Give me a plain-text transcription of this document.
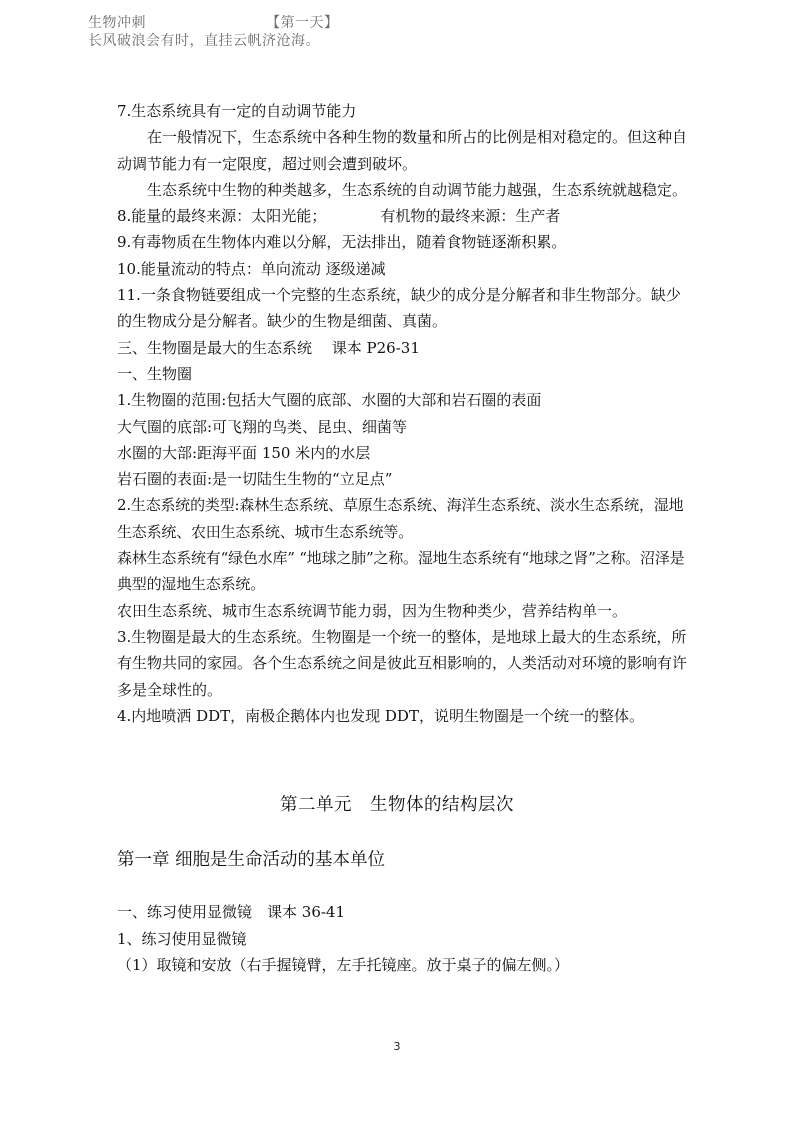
生物冲刺	【第一天】
长风破浪会有时，直挂云帆济沧海。

7.生态系统具有一定的自动调节能力

在一般情况下，生态系统中各种生物的数量和所占的比例是相对稳定的。但这种自动调节能力有一定限度，超过则会遭到破坏。

生态系统中生物的种类越多，生态系统的自动调节能力越强，生态系统就越稳定。

8.能量的最终来源：太阳光能；	有机物的最终来源：生产者

9.有毒物质在生物体内难以分解，无法排出，随着食物链逐渐积累。

10.能量流动的特点：单向流动 逐级递减

11.一条食物链要组成一个完整的生态系统，缺少的成分是分解者和非生物部分。缺少的生物成分是分解者。缺少的生物是细菌、真菌。

三、生物圈是最大的生态系统　 课本 P26-31

一、生物圈

1.生物圈的范围:包括大气圈的底部、水圈的大部和岩石圈的表面

大气圈的底部:可飞翔的鸟类、昆虫、细菌等

水圈的大部:距海平面 150 米内的水层

岩石圈的表面:是一切陆生生物的“立足点”

2.生态系统的类型:森林生态系统、草原生态系统、海洋生态系统、淡水生态系统，湿地生态系统、农田生态系统、城市生态系统等。

森林生态系统有“绿色水库” “地球之肺”之称。湿地生态系统有“地球之肾”之称。沼泽是典型的湿地生态系统。

农田生态系统、城市生态系统调节能力弱，因为生物种类少，营养结构单一。

3.生物圈是最大的生态系统。生物圈是一个统一的整体，是地球上最大的生态系统，所有生物共同的家园。各个生态系统之间是彼此互相影响的，人类活动对环境的影响有许多是全球性的。

4.内地喷洒 DDT，南极企鹅体内也发现 DDT，说明生物圈是一个统一的整体。

第二单元　生物体的结构层次
第一章 细胞是生命活动的基本单位

一、练习使用显微镜　课本 36-41

1、练习使用显微镜

（1）取镜和安放（右手握镜臂，左手托镜座。放于桌子的偏左侧。）

3
